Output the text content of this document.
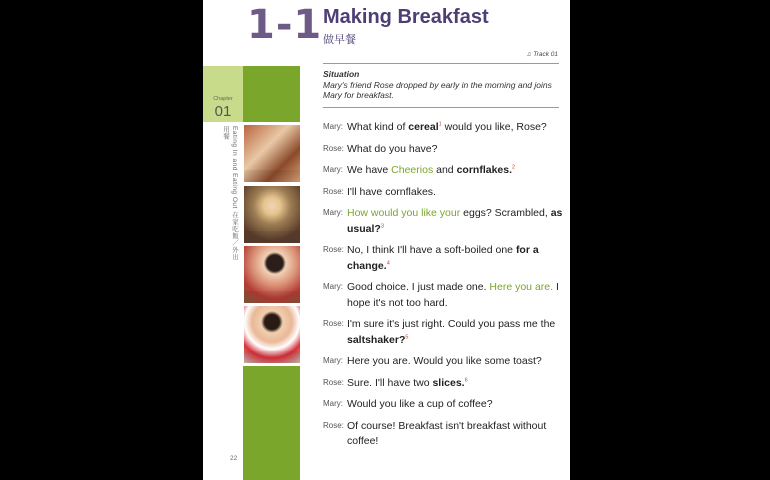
1-1 Making Breakfast
做早餐
♫ Track 01
Situation
Mary's friend Rose dropped by early in the morning and joins Mary for breakfast.
Chapter
01
Eating In and Eating Out 在家吃飯／外出用餐
22
Mary: What kind of cereal$^1$ would you like, Rose?
Rose: What do you have?
Mary: We have Cheerios and cornflakes.$^2$
Rose: I'll have cornflakes.
Mary: How would you like your eggs? Scrambled, as usual?$^3$
Rose: No, I think I'll have a soft-boiled one for a change.$^4$
Mary: Good choice. I just made one. Here you are. I hope it's not too hard.
Rose: I'm sure it's just right. Could you pass me the saltshaker?$^5$
Mary: Here you are. Would you like some toast?
Rose: Sure. I'll have two slices.$^6$
Mary: Would you like a cup of coffee?
Rose: Of course! Breakfast isn't breakfast without coffee!
